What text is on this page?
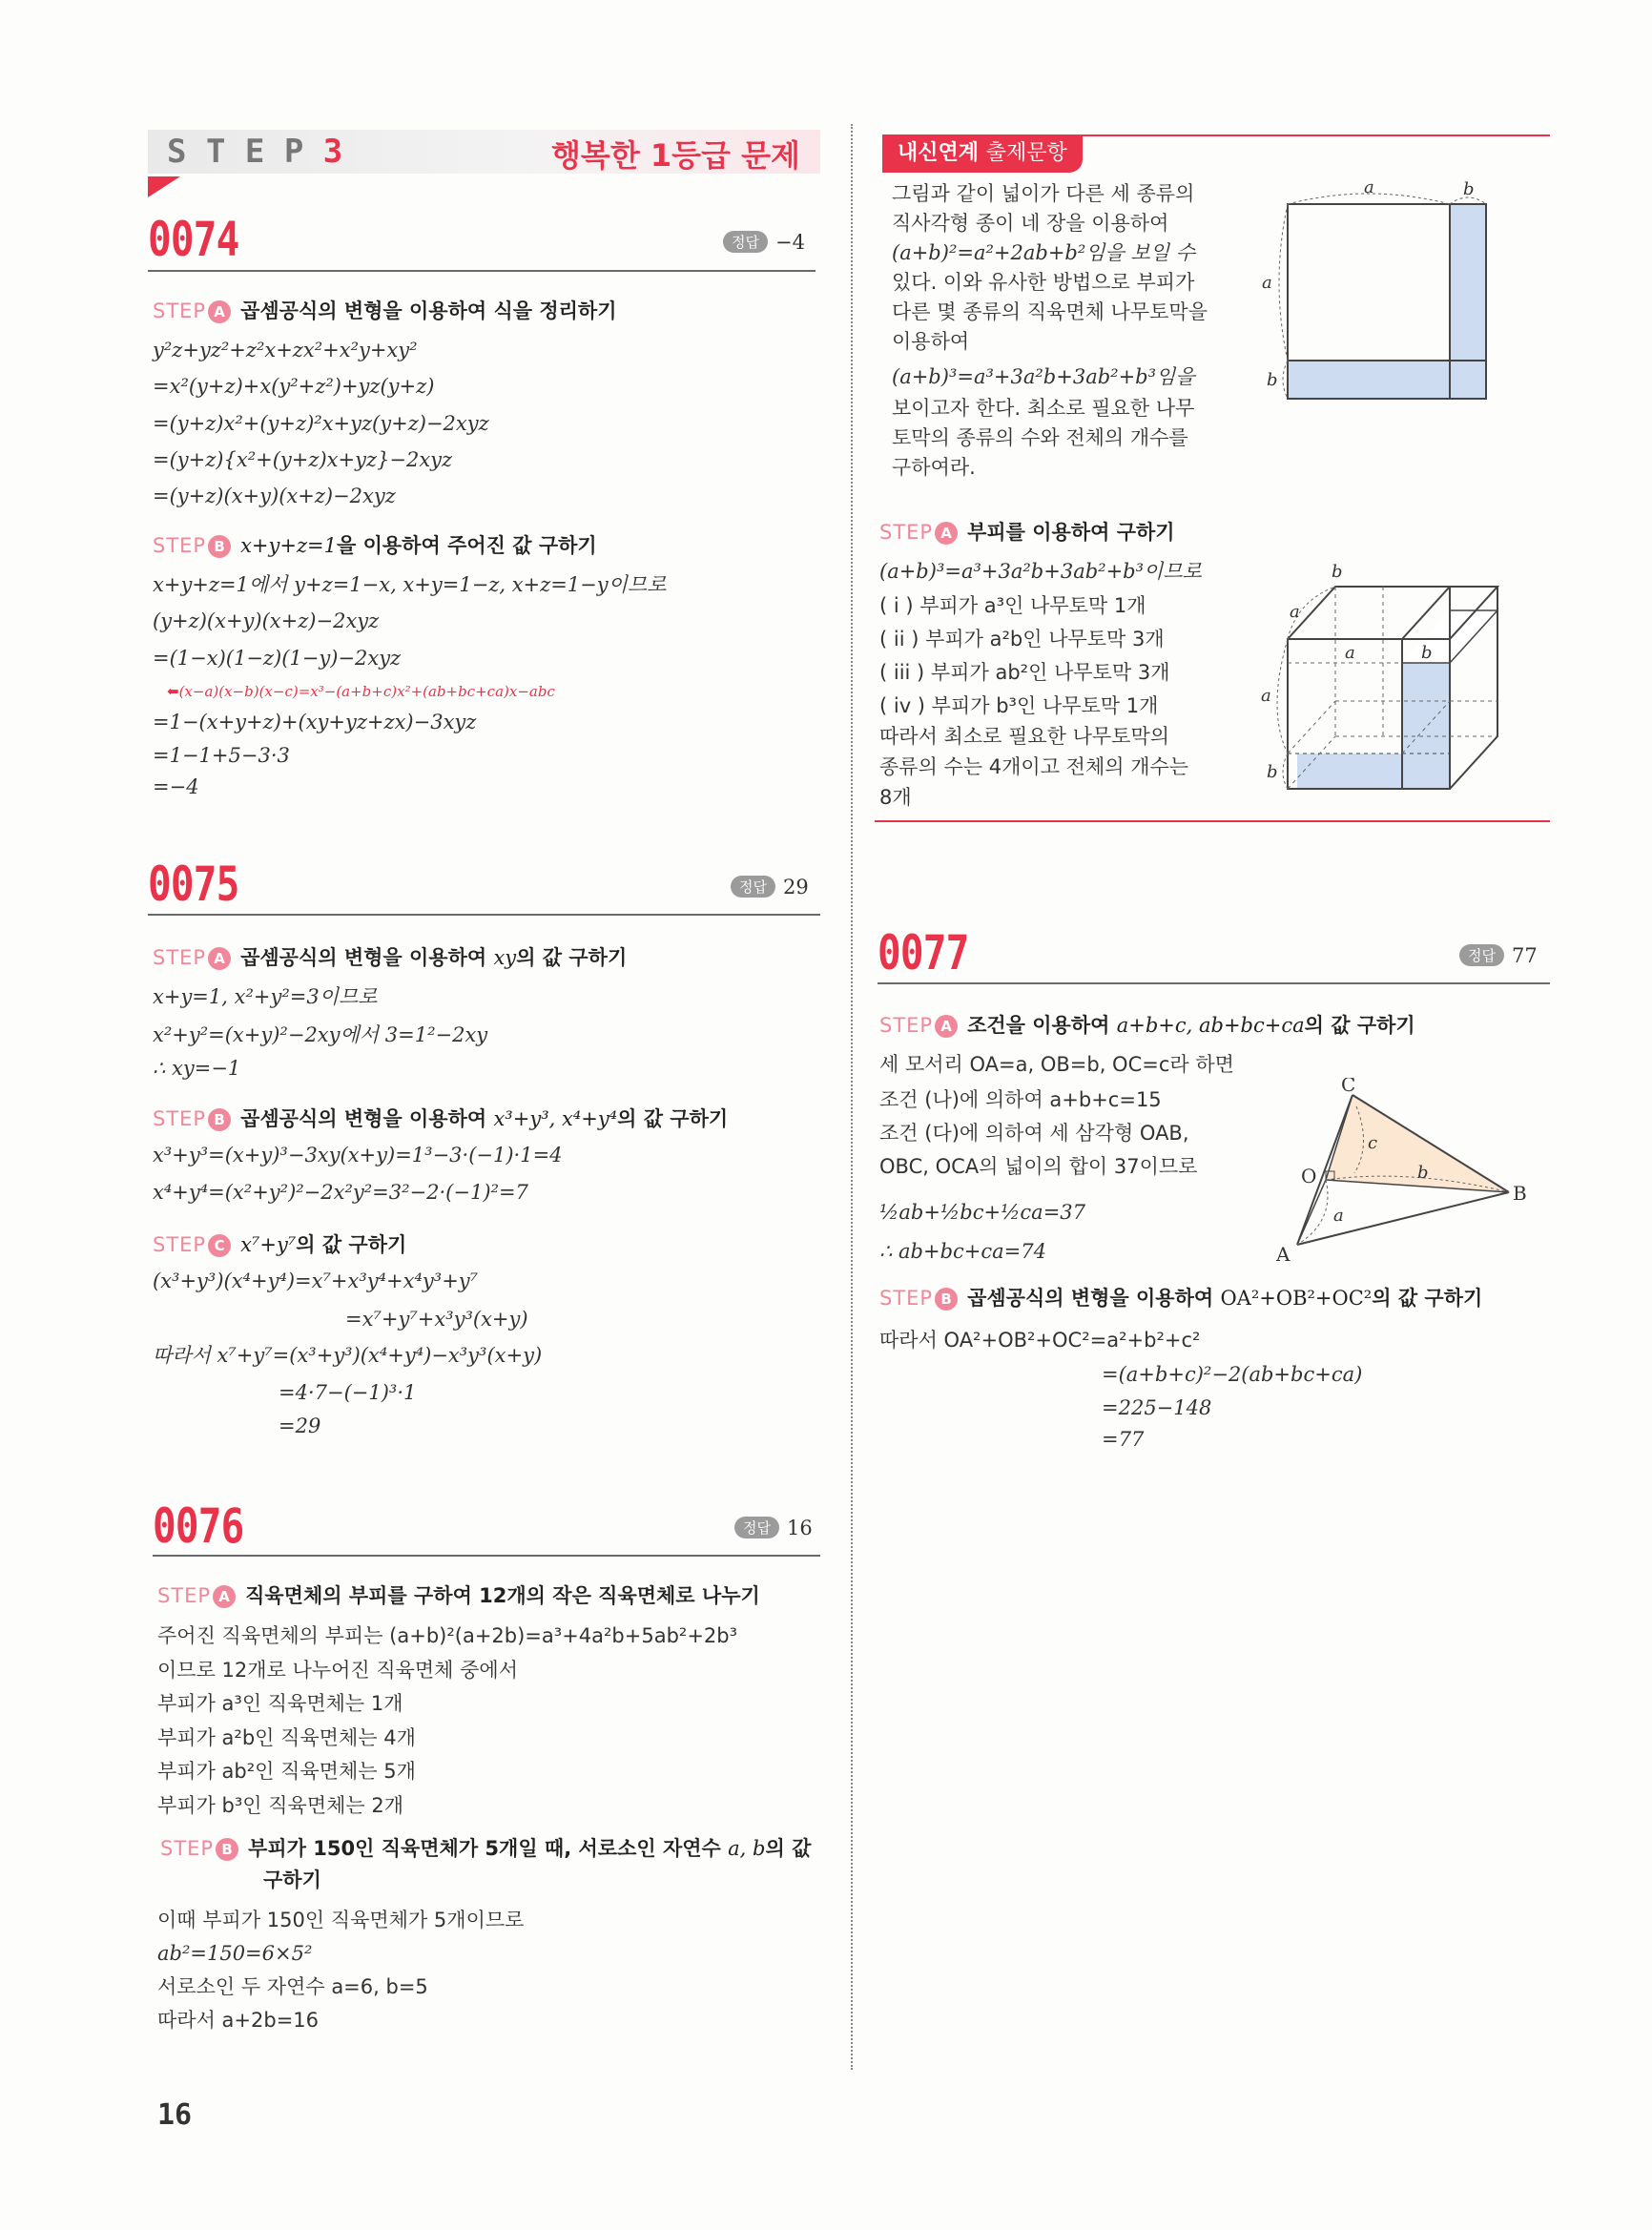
S T E P 3	행복한 1등급 문제
0074	정답 −4
STEP A 곱셈공식의 변형을 이용하여 식을 정리하기
y²z+yz²+z²x+zx²+x²y+xy²
=x²(y+z)+x(y²+z²)+yz(y+z)
=(y+z)x²+(y+z)²x+yz(y+z)−2xyz
=(y+z){x²+(y+z)x+yz}−2xyz
=(y+z)(x+y)(x+z)−2xyz
STEP B x+y+z=1을 이용하여 주어진 값 구하기
x+y+z=1에서 y+z=1−x, x+y=1−z, x+z=1−y이므로
(y+z)(x+y)(x+z)−2xyz
=(1−x)(1−z)(1−y)−2xyz
⬅(x−a)(x−b)(x−c)=x³−(a+b+c)x²+(ab+bc+ca)x−abc
=1−(x+y+z)+(xy+yz+zx)−3xyz
=1−1+5−3·3
=−4
0075	정답 29
STEP A 곱셈공식의 변형을 이용하여 xy의 값 구하기
x+y=1, x²+y²=3이므로
x²+y²=(x+y)²−2xy에서 3=1²−2xy
∴ xy=−1
STEP B 곱셈공식의 변형을 이용하여 x³+y³, x⁴+y⁴의 값 구하기
x³+y³=(x+y)³−3xy(x+y)=1³−3·(−1)·1=4
x⁴+y⁴=(x²+y²)²−2x²y²=3²−2·(−1)²=7
STEP C x⁷+y⁷의 값 구하기
(x³+y³)(x⁴+y⁴)=x⁷+x³y⁴+x⁴y³+y⁷
=x⁷+y⁷+x³y³(x+y)
따라서 x⁷+y⁷=(x³+y³)(x⁴+y⁴)−x³y³(x+y)
=4·7−(−1)³·1
=29
0076	정답 16
STEP A 직육면체의 부피를 구하여 12개의 작은 직육면체로 나누기
주어진 직육면체의 부피는 (a+b)²(a+2b)=a³+4a²b+5ab²+2b³
이므로 12개로 나누어진 직육면체 중에서
부피가 a³인 직육면체는 1개
부피가 a²b인 직육면체는 4개
부피가 ab²인 직육면체는 5개
부피가 b³인 직육면체는 2개
STEP B 부피가 150인 직육면체가 5개일 때, 서로소인 자연수 a, b의 값
구하기
이때 부피가 150인 직육면체가 5개이므로
ab²=150=6×5²
서로소인 두 자연수 a=6, b=5
따라서 a+2b=16
16
내신연계 출제문항
그림과 같이 넓이가 다른 세 종류의
직사각형 종이 네 장을 이용하여
(a+b)²=a²+2ab+b²임을 보일 수
있다. 이와 유사한 방법으로 부피가
다른 몇 종류의 직육면체 나무토막을
이용하여
(a+b)³=a³+3a²b+3ab²+b³임을
보이고자 한다. 최소로 필요한 나무
토막의 종류의 수와 전체의 개수를
구하여라.
a	b
a
b
STEP A 부피를 이용하여 구하기
(a+b)³=a³+3a²b+3ab²+b³이므로
( i ) 부피가 a³인 나무토막 1개
( ii ) 부피가 a²b인 나무토막 3개
( iii ) 부피가 ab²인 나무토막 3개
( iv ) 부피가 b³인 나무토막 1개
따라서 최소로 필요한 나무토막의
종류의 수는 4개이고 전체의 개수는
8개
b
a
a	b
a
b
0077	정답 77
STEP A 조건을 이용하여 a+b+c, ab+bc+ca의 값 구하기
세 모서리 OA=a, OB=b, OC=c라 하면
조건 (나)에 의하여 a+b+c=15
조건 (다)에 의하여 세 삼각형 OAB,
OBC, OCA의 넓이의 합이 37이므로
½ab+½bc+½ca=37
∴ ab+bc+ca=74
C
O
A
B
c
b
a
STEP B 곱셈공식의 변형을 이용하여 OA²+OB²+OC²의 값 구하기
따라서 OA²+OB²+OC²=a²+b²+c²
=(a+b+c)²−2(ab+bc+ca)
=225−148
=77
